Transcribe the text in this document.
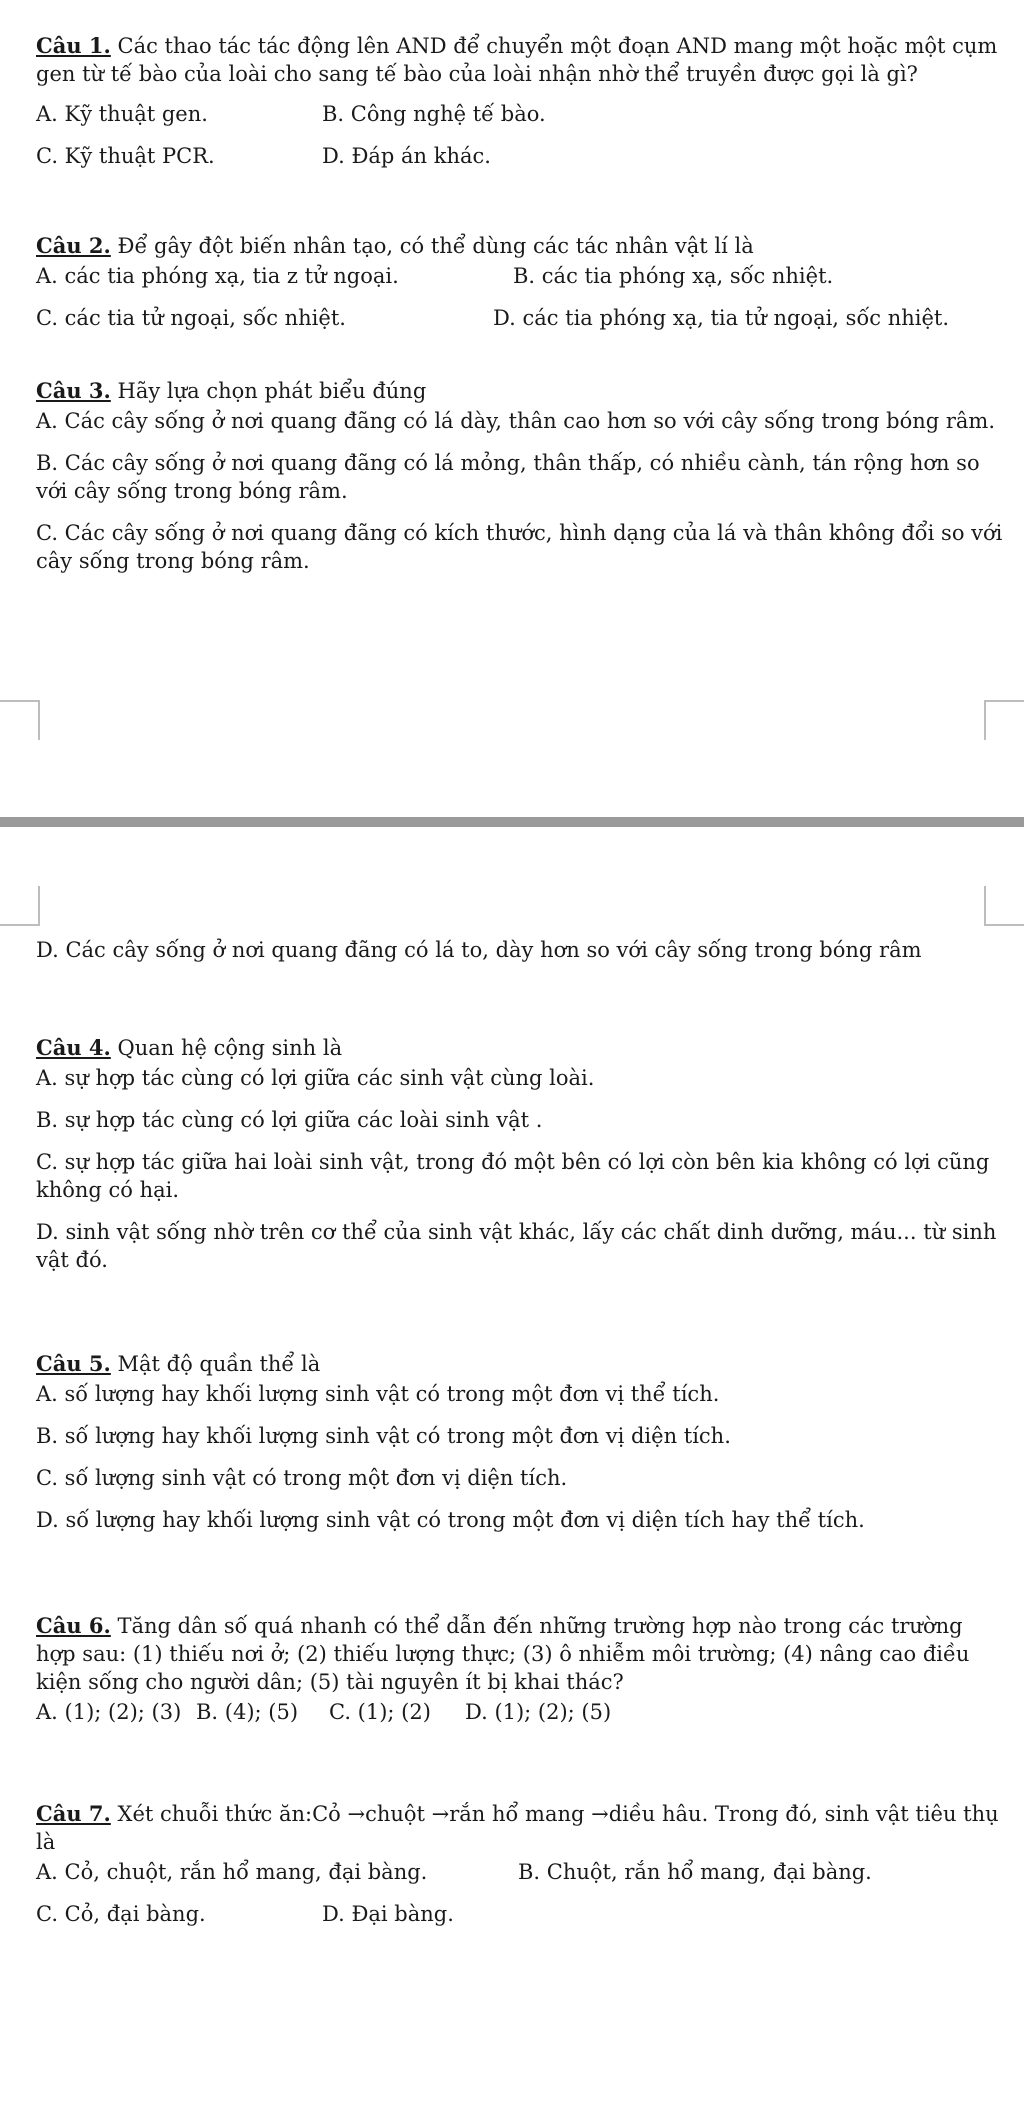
Câu 1. Các thao tác tác động lên AND để chuyển một đoạn AND mang một hoặc một cụm gen từ tế bào của loài cho sang tế bào của loài nhận nhờ thể truyền được gọi là gì?
A. Kỹ thuật gen.	B. Công nghệ tế bào.
C. Kỹ thuật PCR.	D. Đáp án khác.
Câu 2. Để gây đột biến nhân tạo, có thể dùng các tác nhân vật lí là
A. các tia phóng xạ, tia z tử ngoại.	B. các tia phóng xạ, sốc nhiệt.
C. các tia tử ngoại, sốc nhiệt.	D. các tia phóng xạ, tia tử ngoại, sốc nhiệt.
Câu 3. Hãy lựa chọn phát biểu đúng
A. Các cây sống ở nơi quang đãng có lá dày, thân cao hơn so với cây sống trong bóng râm.
B. Các cây sống ở nơi quang đãng có lá mỏng, thân thấp, có nhiều cành, tán rộng hơn so với cây sống trong bóng râm.
C. Các cây sống ở nơi quang đãng có kích thước, hình dạng của lá và thân không đổi so với cây sống trong bóng râm.
D. Các cây sống ở nơi quang đãng có lá to, dày hơn so với cây sống trong bóng râm
Câu 4. Quan hệ cộng sinh là
A. sự hợp tác cùng có lợi giữa các sinh vật cùng loài.
B. sự hợp tác cùng có lợi giữa các loài sinh vật .
C. sự hợp tác giữa hai loài sinh vật, trong đó một bên có lợi còn bên kia không có lợi cũng không có hại.
D. sinh vật sống nhờ trên cơ thể của sinh vật khác, lấy các chất dinh dưỡng, máu... từ sinh vật đó.
Câu 5. Mật độ quần thể là
A. số lượng hay khối lượng sinh vật có trong một đơn vị thể tích.
B. số lượng hay khối lượng sinh vật có trong một đơn vị diện tích.
C. số lượng sinh vật có trong một đơn vị diện tích.
D. số lượng hay khối lượng sinh vật có trong một đơn vị diện tích hay thể tích.
Câu 6. Tăng dân số quá nhanh có thể dẫn đến những trường hợp nào trong các trường hợp sau: (1) thiếu nơi ở; (2) thiếu lượng thực; (3) ô nhiễm môi trường; (4) nâng cao điều kiện sống cho người dân; (5) tài nguyên ít bị khai thác?
A. (1); (2); (3) B. (4); (5)	C. (1); (2)	D. (1); (2); (5)
Câu 7. Xét chuỗi thức ăn:Cỏ →chuột →rắn hổ mang →diều hâu. Trong đó, sinh vật tiêu thụ là
A. Cỏ, chuột, rắn hổ mang, đại bàng.	B. Chuột, rắn hổ mang, đại bàng.
C. Cỏ, đại bàng.	D. Đại bàng.
